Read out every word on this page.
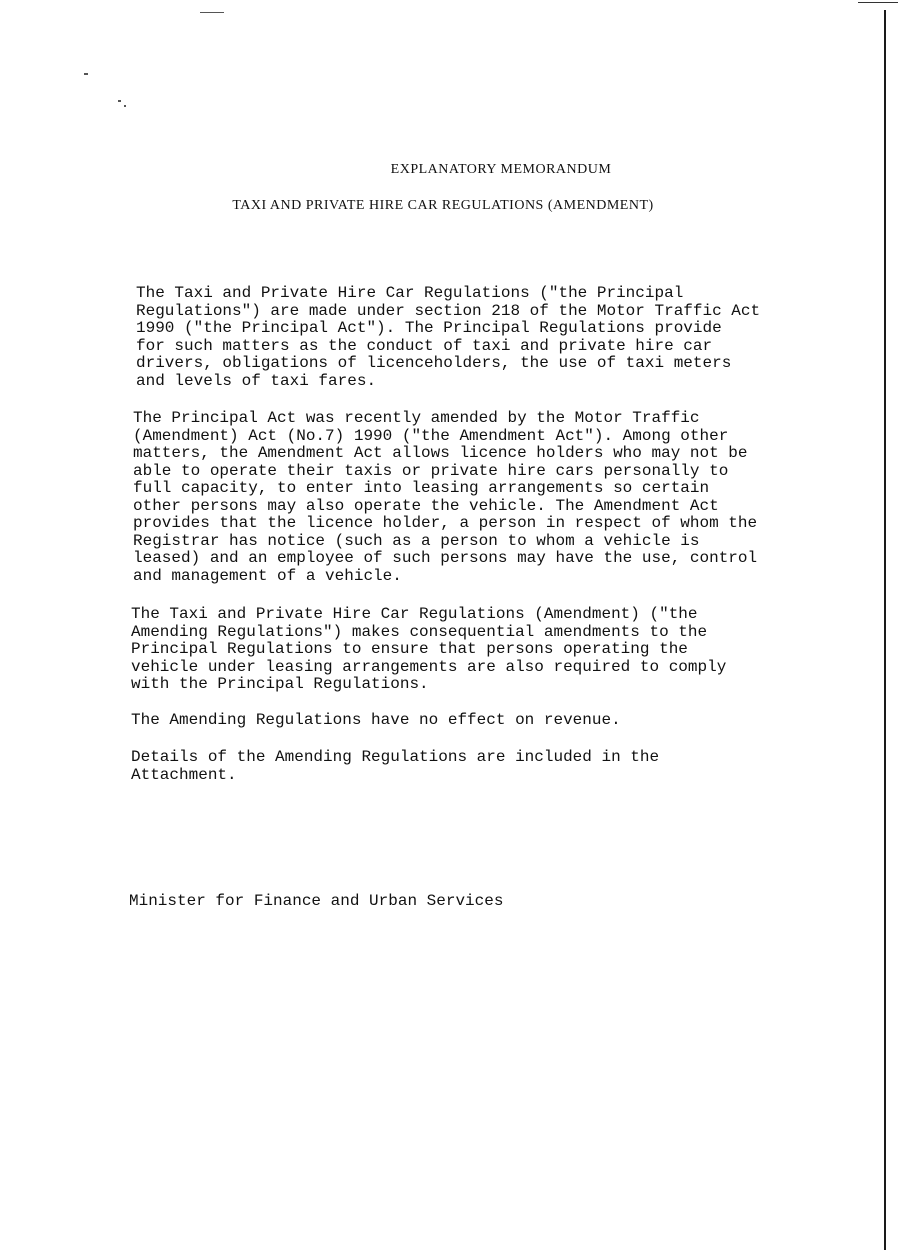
EXPLANATORY MEMORANDUM
TAXI AND PRIVATE HIRE CAR REGULATIONS (AMENDMENT)

The Taxi and Private Hire Car Regulations ("the Principal
Regulations") are made under section 218 of the Motor Traffic Act
1990 ("the Principal Act"). The Principal Regulations provide
for such matters as the conduct of taxi and private hire car
drivers, obligations of licenceholders, the use of taxi meters
and levels of taxi fares.

The Principal Act was recently amended by the Motor Traffic
(Amendment) Act (No.7) 1990 ("the Amendment Act"). Among other
matters, the Amendment Act allows licence holders who may not be
able to operate their taxis or private hire cars personally to
full capacity, to enter into leasing arrangements so certain
other persons may also operate the vehicle. The Amendment Act
provides that the licence holder, a person in respect of whom the
Registrar has notice (such as a person to whom a vehicle is
leased) and an employee of such persons may have the use, control
and management of a vehicle.

The Taxi and Private Hire Car Regulations (Amendment) ("the
Amending Regulations") makes consequential amendments to the
Principal Regulations to ensure that persons operating the
vehicle under leasing arrangements are also required to comply
with the Principal Regulations.

The Amending Regulations have no effect on revenue.

Details of the Amending Regulations are included in the
Attachment.

Minister for Finance and Urban Services
